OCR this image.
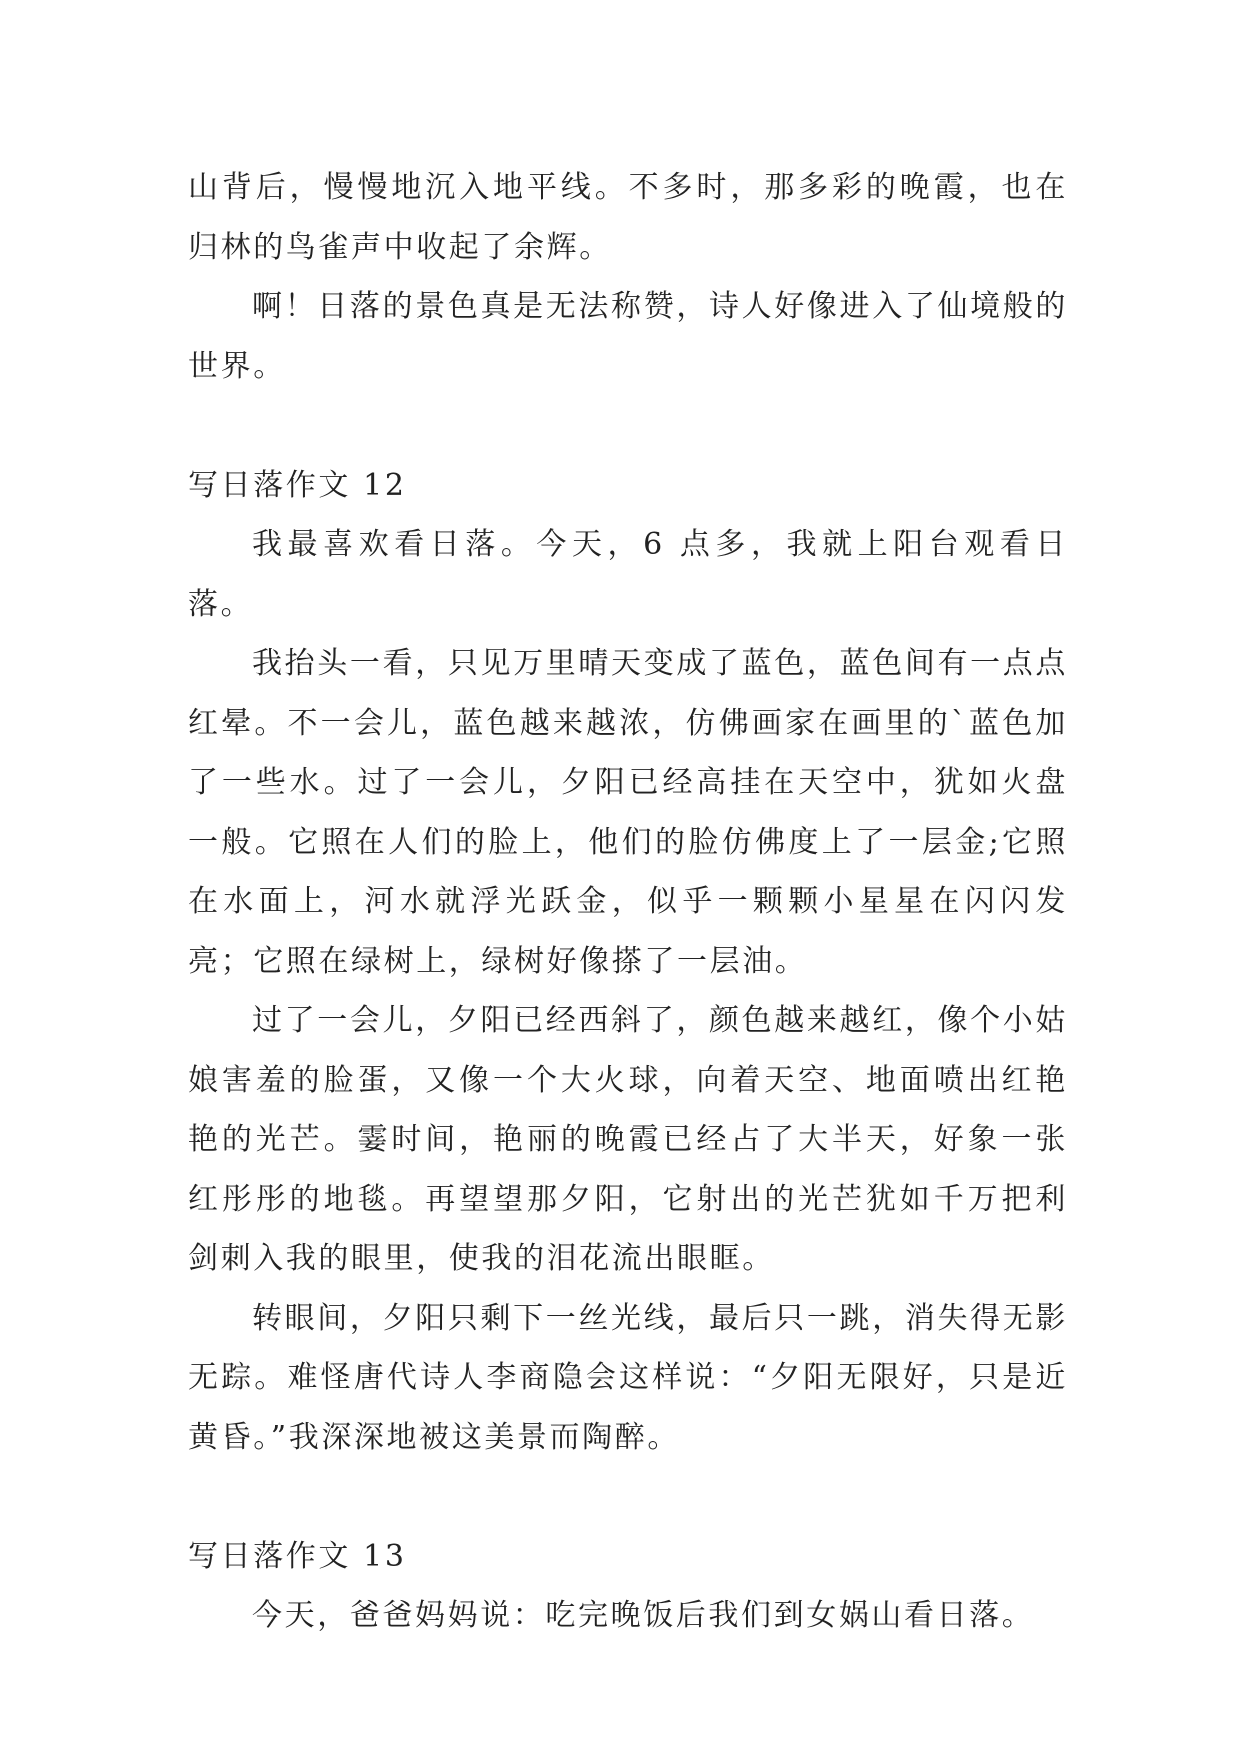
山背后，慢慢地沉入地平线。不多时，那多彩的晚霞，也在归林的鸟雀声中收起了余辉。

啊！日落的景色真是无法称赞，诗人好像进入了仙境般的世界。

写日落作文 12

我最喜欢看日落。今天，6 点多，我就上阳台观看日落。

我抬头一看，只见万里晴天变成了蓝色，蓝色间有一点点红晕。不一会儿，蓝色越来越浓，仿佛画家在画里的`蓝色加了一些水。过了一会儿，夕阳已经高挂在天空中，犹如火盘一般。它照在人们的脸上，他们的脸仿佛度上了一层金;它照在水面上，河水就浮光跃金，似乎一颗颗小星星在闪闪发亮；它照在绿树上，绿树好像搽了一层油。

过了一会儿，夕阳已经西斜了，颜色越来越红，像个小姑娘害羞的脸蛋，又像一个大火球，向着天空、地面喷出红艳艳的光芒。霎时间，艳丽的晚霞已经占了大半天，好象一张红彤彤的地毯。再望望那夕阳，它射出的光芒犹如千万把利剑刺入我的眼里，使我的泪花流出眼眶。

转眼间，夕阳只剩下一丝光线，最后只一跳，消失得无影无踪。难怪唐代诗人李商隐会这样说：“夕阳无限好，只是近黄昏。”我深深地被这美景而陶醉。

写日落作文 13

今天，爸爸妈妈说：吃完晚饭后我们到女娲山看日落。
